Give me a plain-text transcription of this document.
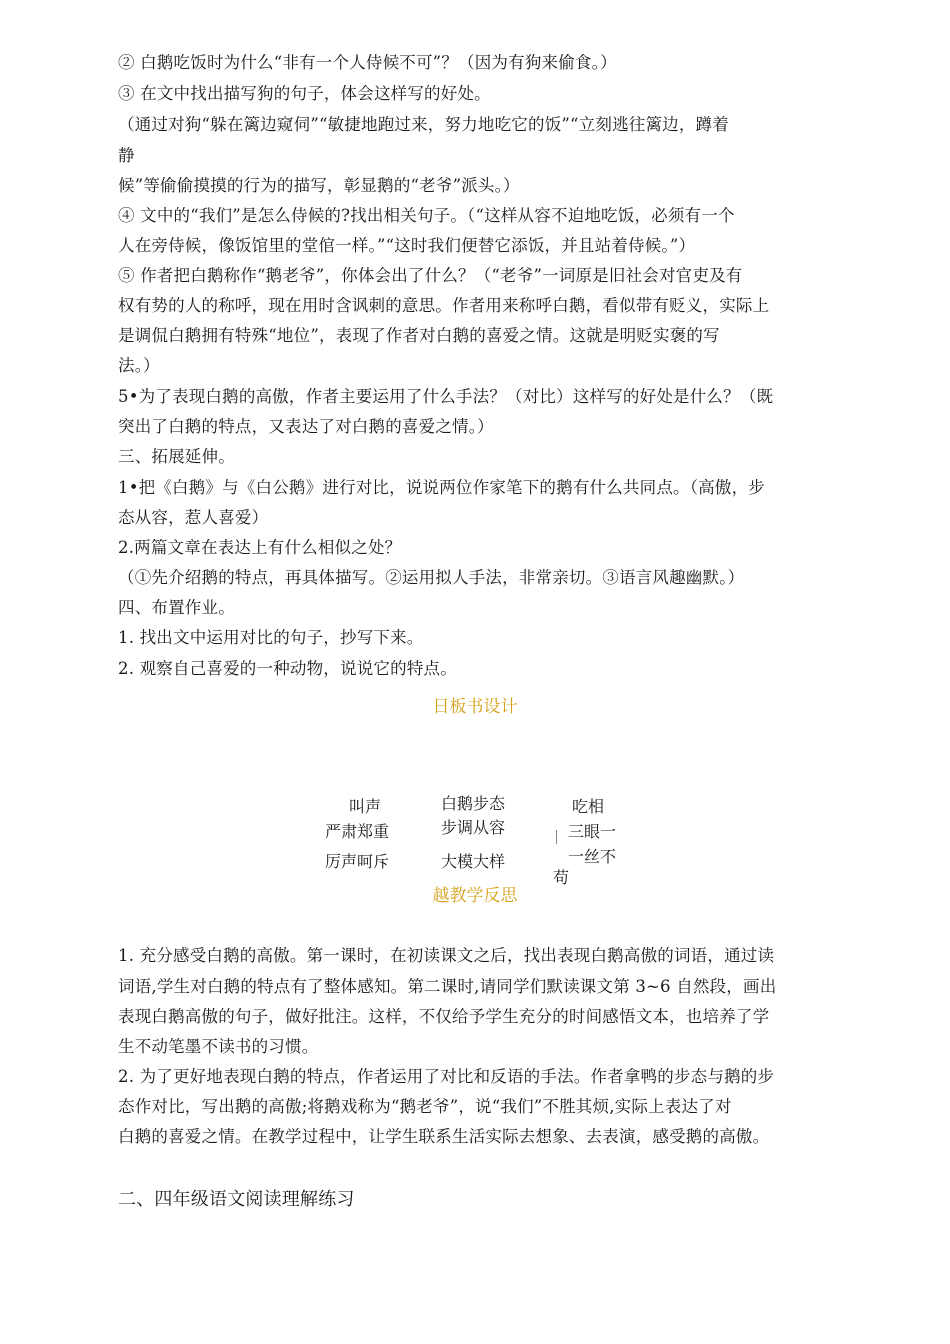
② 白鹅吃饭时为什么“非有一个人侍候不可”？（因为有狗来偷食。）

③ 在文中找出描写狗的句子，体会这样写的好处。

（通过对狗“躲在篱边窥伺”“敏捷地跑过来，努力地吃它的饭”“立刻逃往篱边，蹲着

静

候”等偷偷摸摸的行为的描写，彰显鹅的“老爷”派头。）

④ 文中的“我们”是怎么侍候的?找出相关句子。（“这样从容不迫地吃饭，必须有一个

人在旁侍候，像饭馆里的堂倌一样。”“这时我们便替它添饭，并且站着侍候。”）

⑤ 作者把白鹅称作“鹅老爷”，你体会出了什么？（“老爷”一词原是旧社会对官吏及有

权有势的人的称呼，现在用时含讽刺的意思。作者用来称呼白鹅，看似带有贬义，实际上

是调侃白鹅拥有特殊“地位”，表现了作者对白鹅的喜爱之情。这就是明贬实褒的写

法。）

5•为了表现白鹅的高傲，作者主要运用了什么手法？（对比）这样写的好处是什么？（既

突出了白鹅的特点，又表达了对白鹅的喜爱之情。）

三、拓展延伸。

1•把《白鹅》与《白公鹅》进行对比，说说两位作家笔下的鹅有什么共同点。（高傲，步

态从容，惹人喜爱）

2.两篇文章在表达上有什么相似之处？

（①先介绍鹅的特点，再具体描写。②运用拟人手法，非常亲切。③语言风趣幽默。）

四、布置作业。

1. 找出文中运用对比的句子，抄写下来。

2. 观察自己喜爱的一种动物，说说它的特点。

日板书设计

叫声

严肃郑重

厉声呵斥

白鹅步态

步调从容

大模大样

吃相

三眼一

一丝不

苟

越教学反思

1. 充分感受白鹅的高傲。第一课时，在初读课文之后，找出表现白鹅高傲的词语，通过读

词语,学生对白鹅的特点有了整体感知。第二课时,请同学们默读课文第 3~6 自然段，画出

表现白鹅高傲的句子，做好批注。这样，不仅给予学生充分的时间感悟文本，也培养了学

生不动笔墨不读书的习惯。

2. 为了更好地表现白鹅的特点，作者运用了对比和反语的手法。作者拿鸭的步态与鹅的步

态作对比，写出鹅的高傲;将鹅戏称为“鹅老爷”，说“我们”不胜其烦,实际上表达了对

白鹅的喜爱之情。在教学过程中，让学生联系生活实际去想象、去表演，感受鹅的高傲。

二、四年级语文阅读理解练习
